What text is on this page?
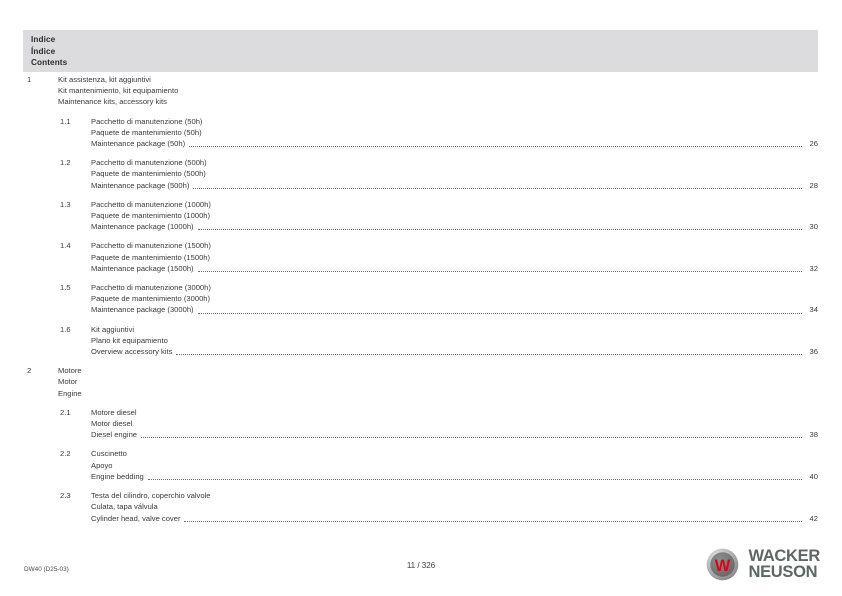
Indice
Índice
Contents
1	Kit assistenza, kit aggiuntivi
Kit mantenimiento, kit equipamiento
Maintenance kits, accessory kits
1.1	Pacchetto di manutenzione (50h)
Paquete de mantenimiento (50h)
Maintenance package (50h)	26
1.2	Pacchetto di manutenzione (500h)
Paquete de mantenimiento (500h)
Maintenance package (500h)	28
1.3	Pacchetto di manutenzione (1000h)
Paquete de mantenimiento (1000h)
Maintenance package (1000h)	30
1.4	Pacchetto di manutenzione (1500h)
Paquete de mantenimiento (1500h)
Maintenance package (1500h)	32
1.5	Pacchetto di manutenzione (3000h)
Paquete de mantenimiento (3000h)
Maintenance package (3000h)	34
1.6	Kit aggiuntivi
Plano kit equipamiento
Overview accessory kits	36
2	Motore
Motor
Engine
2.1	Motore diesel
Motor diesel
Diesel engine	38
2.2	Cuscinetto
Apoyo
Engine bedding	40
2.3	Testa del cilindro, coperchio valvole
Culata, tapa válvula
Cylinder head, valve cover	42
DW40 (D25-03)	11 / 326	W
WACKER
NEUSON
